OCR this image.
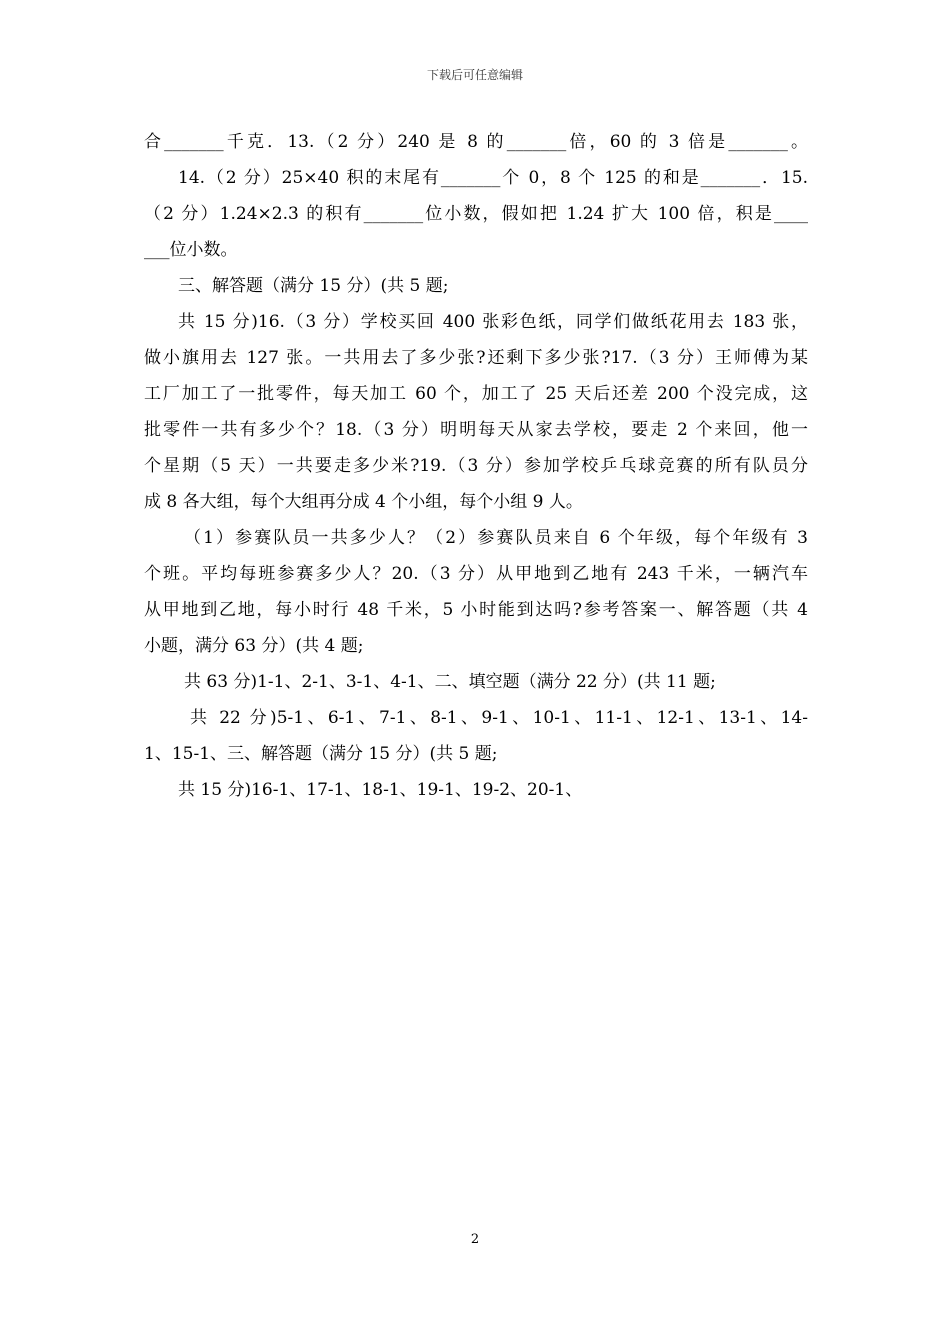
下载后可任意编辑
合_______千克．13.（2 分）240 是 8 的_______倍，60 的 3 倍是_______。
14.（2 分）25×40 积的末尾有_______个 0，8 个 125 的和是_______．15.
（2 分）1.24×2.3 的积有_______位小数，假如把 1.24 扩大 100 倍，积是____
___位小数。
三、解答题（满分 15 分）(共 5 题;
共 15 分)16.（3 分）学校买回 400 张彩色纸，同学们做纸花用去 183 张，
做小旗用去 127 张。一共用去了多少张?还剩下多少张?17.（3 分）王师傅为某
工厂加工了一批零件，每天加工 60 个，加工了 25 天后还差 200 个没完成，这
批零件一共有多少个？18.（3 分）明明每天从家去学校，要走 2 个来回，他一
个星期（5 天）一共要走多少米?19.（3 分）参加学校乒乓球竞赛的所有队员分
成 8 各大组，每个大组再分成 4 个小组，每个小组 9 人。
（1）参赛队员一共多少人？（2）参赛队员来自 6 个年级，每个年级有 3
个班。平均每班参赛多少人？20.（3 分）从甲地到乙地有 243 千米，一辆汽车
从甲地到乙地，每小时行 48 千米，5 小时能到达吗?参考答案一、解答题（共 4
小题，满分 63 分）(共 4 题;
共 63 分)1-1、2-1、3-1、4-1、二、填空题（满分 22 分）(共 11 题;
共 22 分)5-1、6-1、7-1、8-1、9-1、10-1、11-1、12-1、13-1、14-
1、15-1、三、解答题（满分 15 分）(共 5 题;
共 15 分)16-1、17-1、18-1、19-1、19-2、20-1、
2
